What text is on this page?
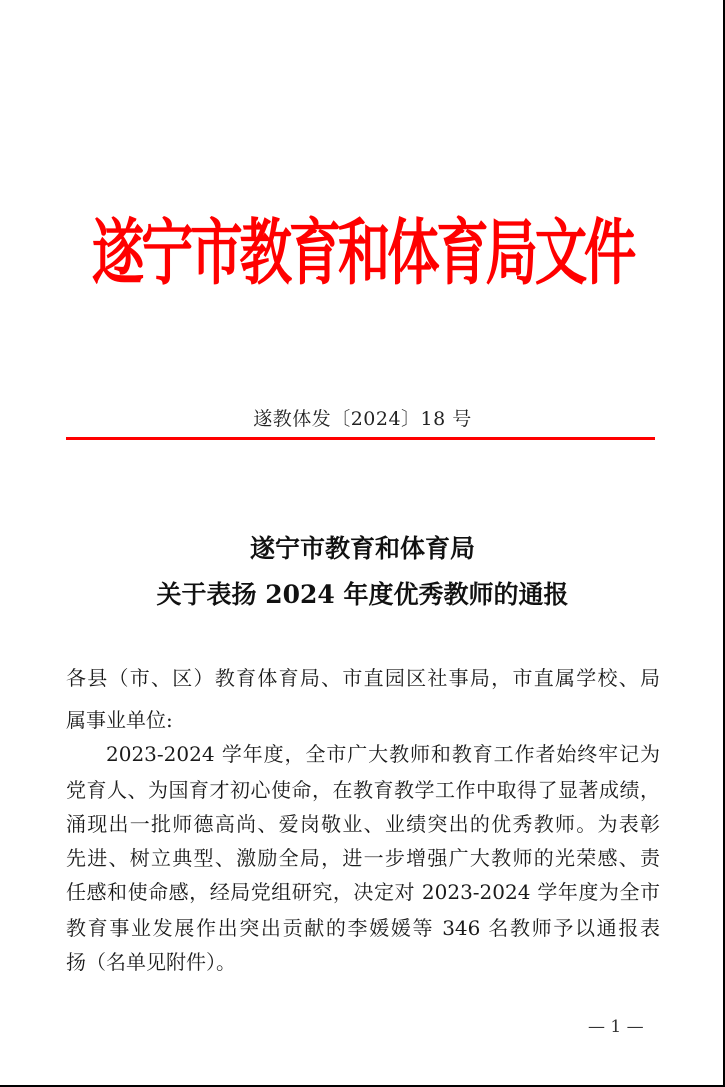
遂宁市教育和体育局文件
遂教体发〔2024〕18 号
遂宁市教育和体育局
关于表扬 2024 年度优秀教师的通报
各县（市、区）教育体育局、市直园区社事局，市直属学校、局
属事业单位:
2023-2024 学年度，全市广大教师和教育工作者始终牢记为
党育人、为国育才初心使命，在教育教学工作中取得了显著成绩，
涌现出一批师德高尚、爱岗敬业、业绩突出的优秀教师。为表彰
先进、树立典型、激励全局，进一步增强广大教师的光荣感、责
任感和使命感，经局党组研究，决定对 2023-2024 学年度为全市
教育事业发展作出突出贡献的李媛媛等 346 名教师予以通报表
扬（名单见附件）。
— 1 —
